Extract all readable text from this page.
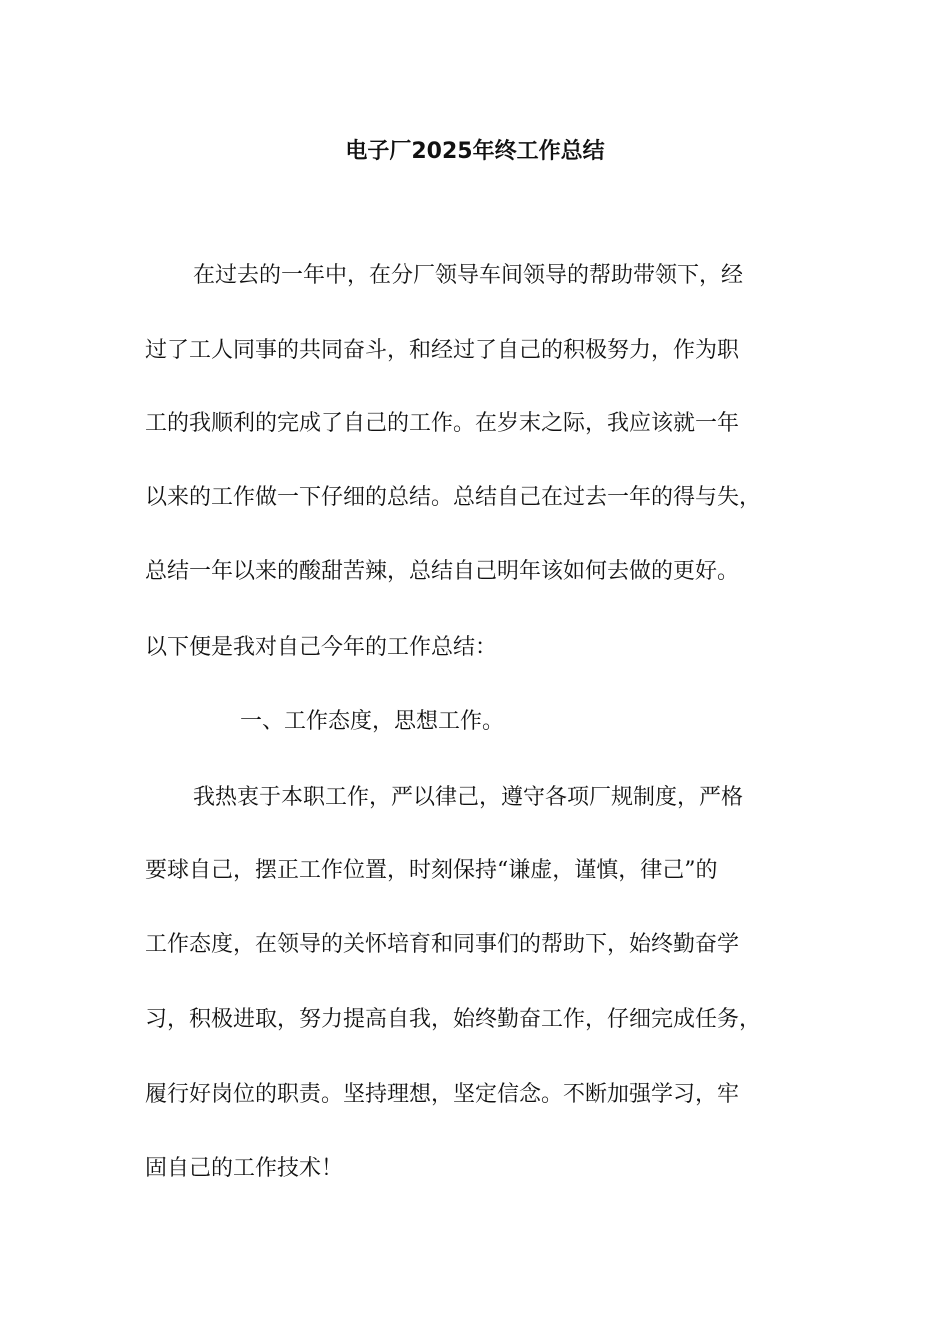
电子厂2025年终工作总结
在过去的一年中，在分厂领导车间领导的帮助带领下，经
过了工人同事的共同奋斗，和经过了自己的积极努力，作为职
工的我顺利的完成了自己的工作。在岁末之际，我应该就一年
以来的工作做一下仔细的总结。总结自己在过去一年的得与失，
总结一年以来的酸甜苦辣，总结自己明年该如何去做的更好。
以下便是我对自己今年的工作总结：
一、工作态度，思想工作。
我热衷于本职工作，严以律己，遵守各项厂规制度，严格
要球自己，摆正工作位置，时刻保持“谦虚，谨慎，律己”的
工作态度，在领导的关怀培育和同事们的帮助下，始终勤奋学
习，积极进取，努力提高自我，始终勤奋工作，仔细完成任务，
履行好岗位的职责。坚持理想，坚定信念。不断加强学习，牢
固自己的工作技术！
